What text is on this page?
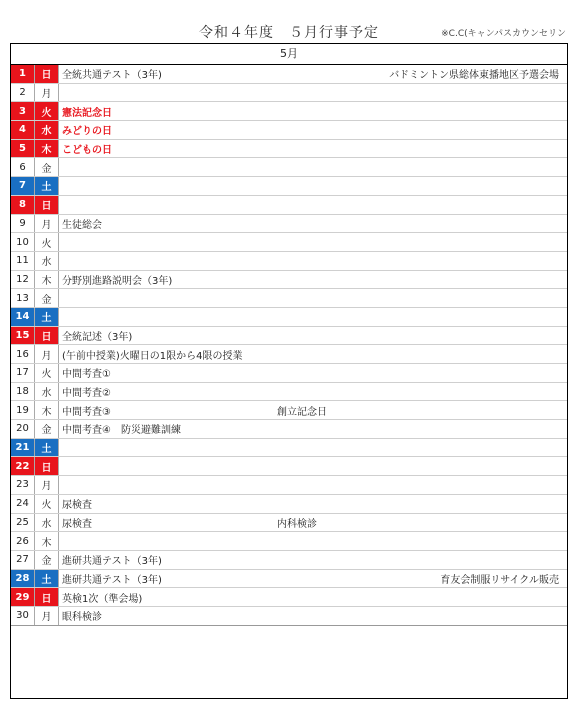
令和４年度　５月行事予定	※C.C(キャンパスカウンセリン
5月
1	日	全統共通テスト（3年)	バドミントン県総体東播地区予選会場
2	月
3	火	憲法記念日
4	水	みどりの日
5	木	こどもの日
6	金
7	土
8	日
9	月	生徒総会
10	火
11	水
12	木	分野別進路説明会（3年)
13	金
14	土
15	日	全統記述（3年)
16	月	(午前中授業)火曜日の1限から4限の授業
17	火	中間考査①
18	水	中間考査②
19	木	中間考査③	創立記念日
20	金	中間考査④　防災避難訓練
21	土
22	日
23	月
24	火	尿検査
25	水	尿検査	内科検診
26	木
27	金	進研共通テスト（3年)
28	土	進研共通テスト（3年)	育友会制服リサイクル販売
29	日	英検1次（準会場)
30	月	眼科検診
